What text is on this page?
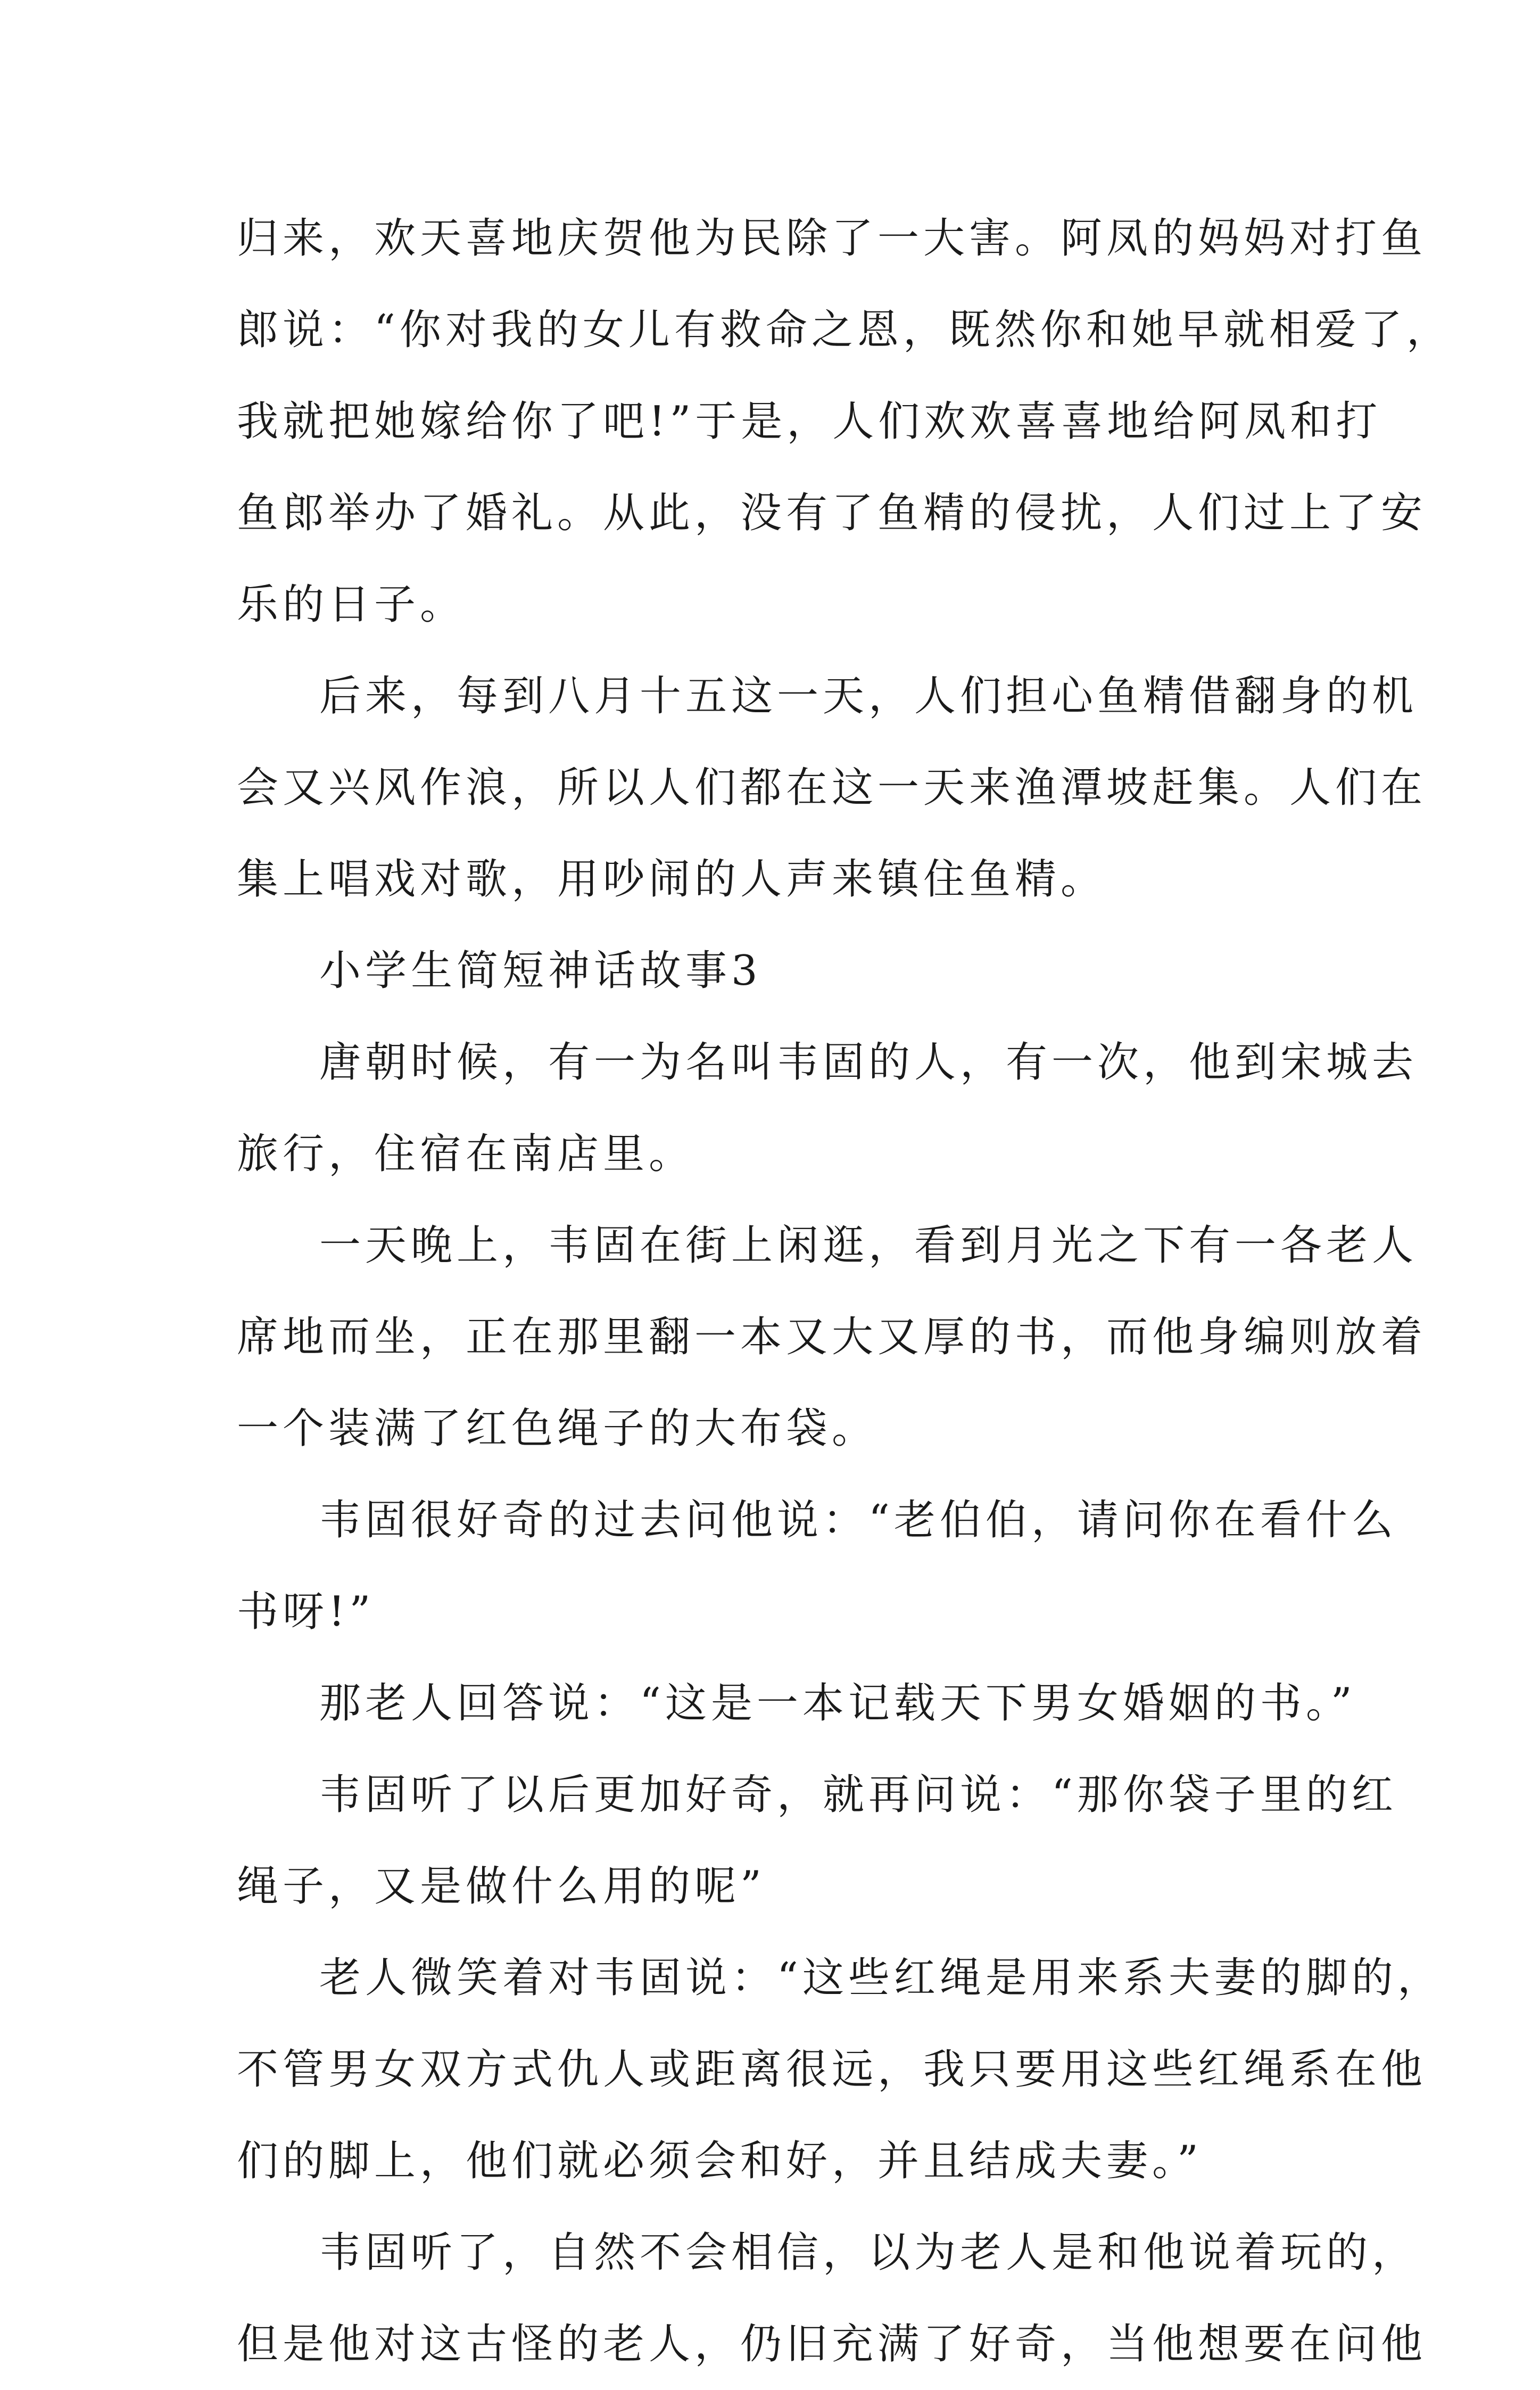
归来，欢天喜地庆贺他为民除了一大害。阿凤的妈妈对打鱼
郎说：“你对我的女儿有救命之恩，既然你和她早就相爱了，
我就把她嫁给你了吧!”于是，人们欢欢喜喜地给阿凤和打
鱼郎举办了婚礼。从此，没有了鱼精的侵扰，人们过上了安
乐的日子。
后来，每到八月十五这一天，人们担心鱼精借翻身的机
会又兴风作浪，所以人们都在这一天来渔潭坡赶集。人们在
集上唱戏对歌，用吵闹的人声来镇住鱼精。
小学生简短神话故事3
唐朝时候，有一为名叫韦固的人，有一次，他到宋城去
旅行，住宿在南店里。
一天晚上，韦固在街上闲逛，看到月光之下有一各老人
席地而坐，正在那里翻一本又大又厚的书，而他身编则放着
一个装满了红色绳子的大布袋。
韦固很好奇的过去问他说：“老伯伯，请问你在看什么
书呀!”
那老人回答说：“这是一本记载天下男女婚姻的书。”
韦固听了以后更加好奇，就再问说：“那你袋子里的红
绳子，又是做什么用的呢”
老人微笑着对韦固说：“这些红绳是用来系夫妻的脚的，
不管男女双方式仇人或距离很远，我只要用这些红绳系在他
们的脚上，他们就必须会和好，并且结成夫妻。”
韦固听了，自然不会相信，以为老人是和他说着玩的，
但是他对这古怪的老人，仍旧充满了好奇，当他想要在问他
